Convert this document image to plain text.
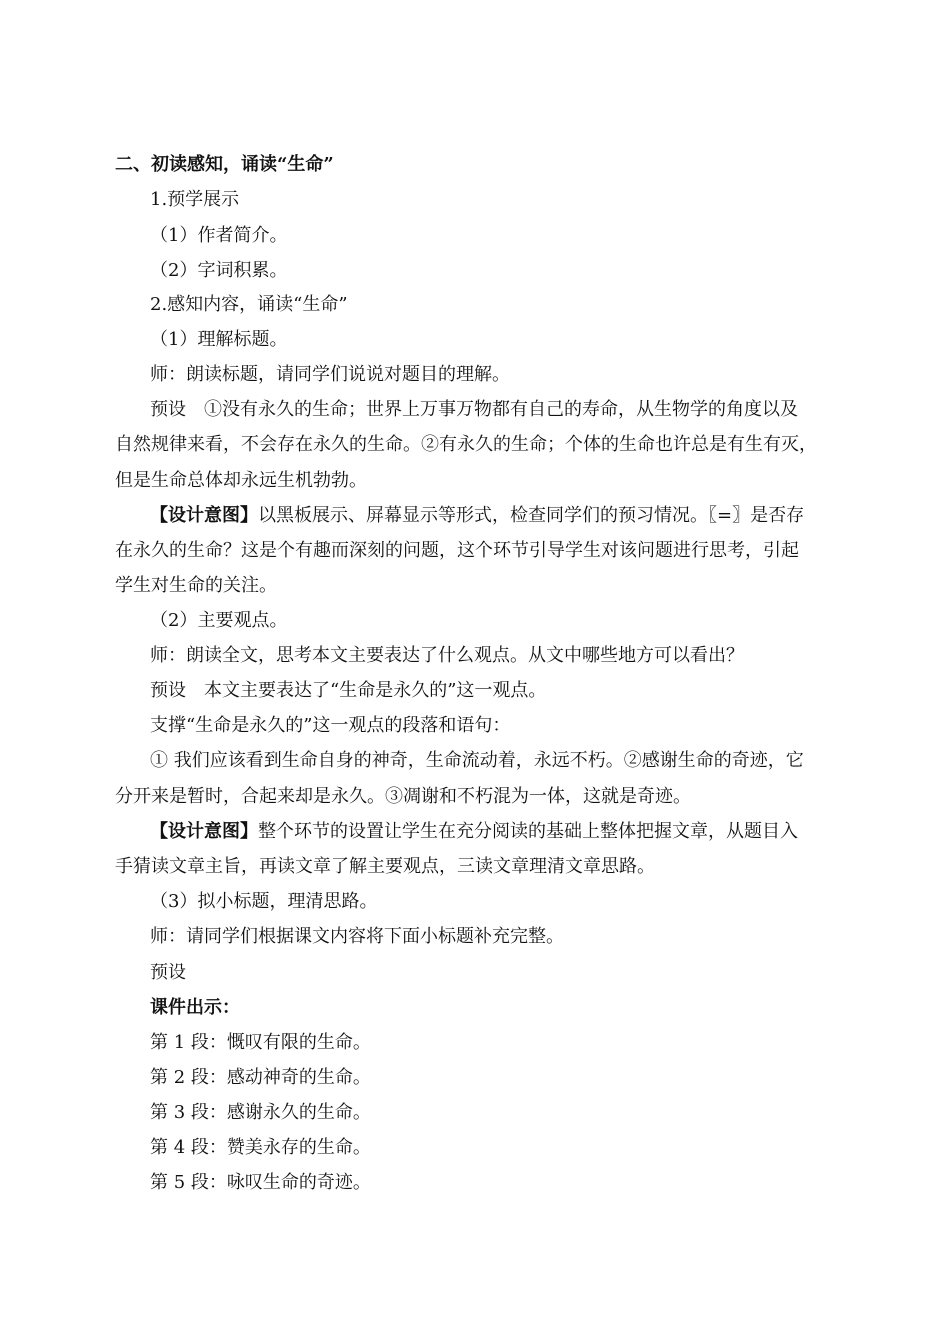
二、初读感知，诵读“生命”
1.预学展示
（1）作者简介。
（2）字词积累。
2.感知内容，诵读“生命”
（1）理解标题。
师：朗读标题，请同学们说说对题目的理解。
预设　①没有永久的生命；世界上万事万物都有自己的寿命，从生物学的角度以及
自然规律来看，不会存在永久的生命。②有永久的生命；个体的生命也许总是有生有灭，
但是生命总体却永远生机勃勃。
【设计意图】以黑板展示、屏幕显示等形式，检查同学们的预习情况。〖=〗是否存
在永久的生命？这是个有趣而深刻的问题，这个环节引导学生对该问题进行思考，引起
学生对生命的关注。
（2）主要观点。
师：朗读全文，思考本文主要表达了什么观点。从文中哪些地方可以看出？
预设　本文主要表达了“生命是永久的”这一观点。
支撑“生命是永久的”这一观点的段落和语句：
① 我们应该看到生命自身的神奇，生命流动着，永远不朽。②感谢生命的奇迹，它
分开来是暂时，合起来却是永久。③凋谢和不朽混为一体，这就是奇迹。
【设计意图】整个环节的设置让学生在充分阅读的基础上整体把握文章，从题目入
手猜读文章主旨，再读文章了解主要观点，三读文章理清文章思路。
（3）拟小标题，理清思路。
师：请同学们根据课文内容将下面小标题补充完整。
预设
课件出示：
第 1 段：慨叹有限的生命。
第 2 段：感动神奇的生命。
第 3 段：感谢永久的生命。
第 4 段：赞美永存的生命。
第 5 段：咏叹生命的奇迹。
